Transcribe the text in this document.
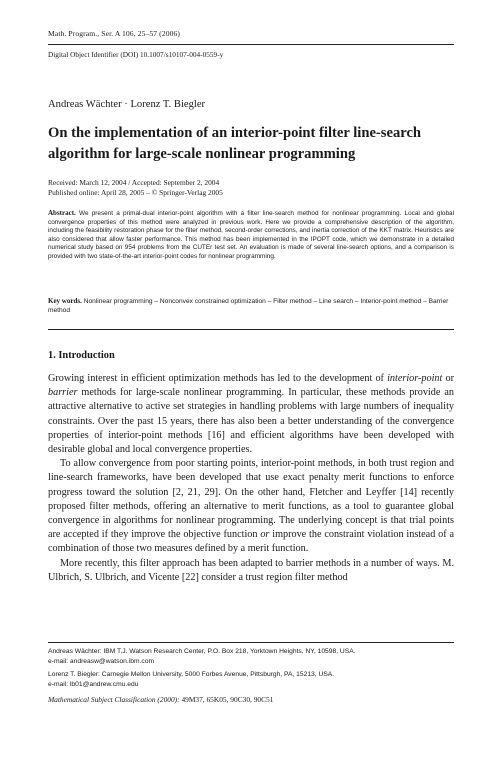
Math. Program., Ser. A 106, 25–57 (2006)
Digital Object Identifier (DOI) 10.1007/s10107-004-0559-y
Andreas Wächter · Lorenz T. Biegler
On the implementation of an interior-point filter line-search algorithm for large-scale nonlinear programming
Received: March 12, 2004 / Accepted: September 2, 2004
Published online: April 28, 2005 – © Springer-Verlag 2005
Abstract. We present a primal-dual interior-point algorithm with a filter line-search method for nonlinear programming. Local and global convergence properties of this method were analyzed in previous work. Here we provide a comprehensive description of the algorithm, including the feasibility restoration phase for the filter method, second-order corrections, and inertia correction of the KKT matrix. Heuristics are also considered that allow faster performance. This method has been implemented in the IPOPT code, which we demonstrate in a detailed numerical study based on 954 problems from the CUTEr test set. An evaluation is made of several line-search options, and a comparison is provided with two state-of-the-art interior-point codes for nonlinear programming.
Key words. Nonlinear programming – Nonconvex constrained optimization – Filter method – Line search – Interior-point method – Barrier method
1. Introduction

Growing interest in efficient optimization methods has led to the development of interior-point or barrier methods for large-scale nonlinear programming. In particular, these methods provide an attractive alternative to active set strategies in handling problems with large numbers of inequality constraints. Over the past 15 years, there has also been a better understanding of the convergence properties of interior-point methods [16] and efficient algorithms have been developed with desirable global and local convergence properties.

To allow convergence from poor starting points, interior-point methods, in both trust region and line-search frameworks, have been developed that use exact penalty merit functions to enforce progress toward the solution [2, 21, 29]. On the other hand, Fletcher and Leyffer [14] recently proposed filter methods, offering an alternative to merit functions, as a tool to guarantee global convergence in algorithms for nonlinear programming. The underlying concept is that trial points are accepted if they improve the objective function or improve the constraint violation instead of a combination of those two measures defined by a merit function.

More recently, this filter approach has been adapted to barrier methods in a number of ways. M. Ulbrich, S. Ulbrich, and Vicente [22] consider a trust region filter method

Andreas Wächter: IBM T.J. Watson Research Center, P.O. Box 218, Yorktown Heights, NY, 10598, USA.
e-mail: andreasw@watson.ibm.com
Lorenz T. Biegler: Carnegie Mellon University, 5000 Forbes Avenue, Pittsburgh, PA, 15213, USA.
e-mail: lb01@andrew.cmu.edu
Mathematical Subject Classification (2000): 49M37, 65K05, 90C30, 90C51
